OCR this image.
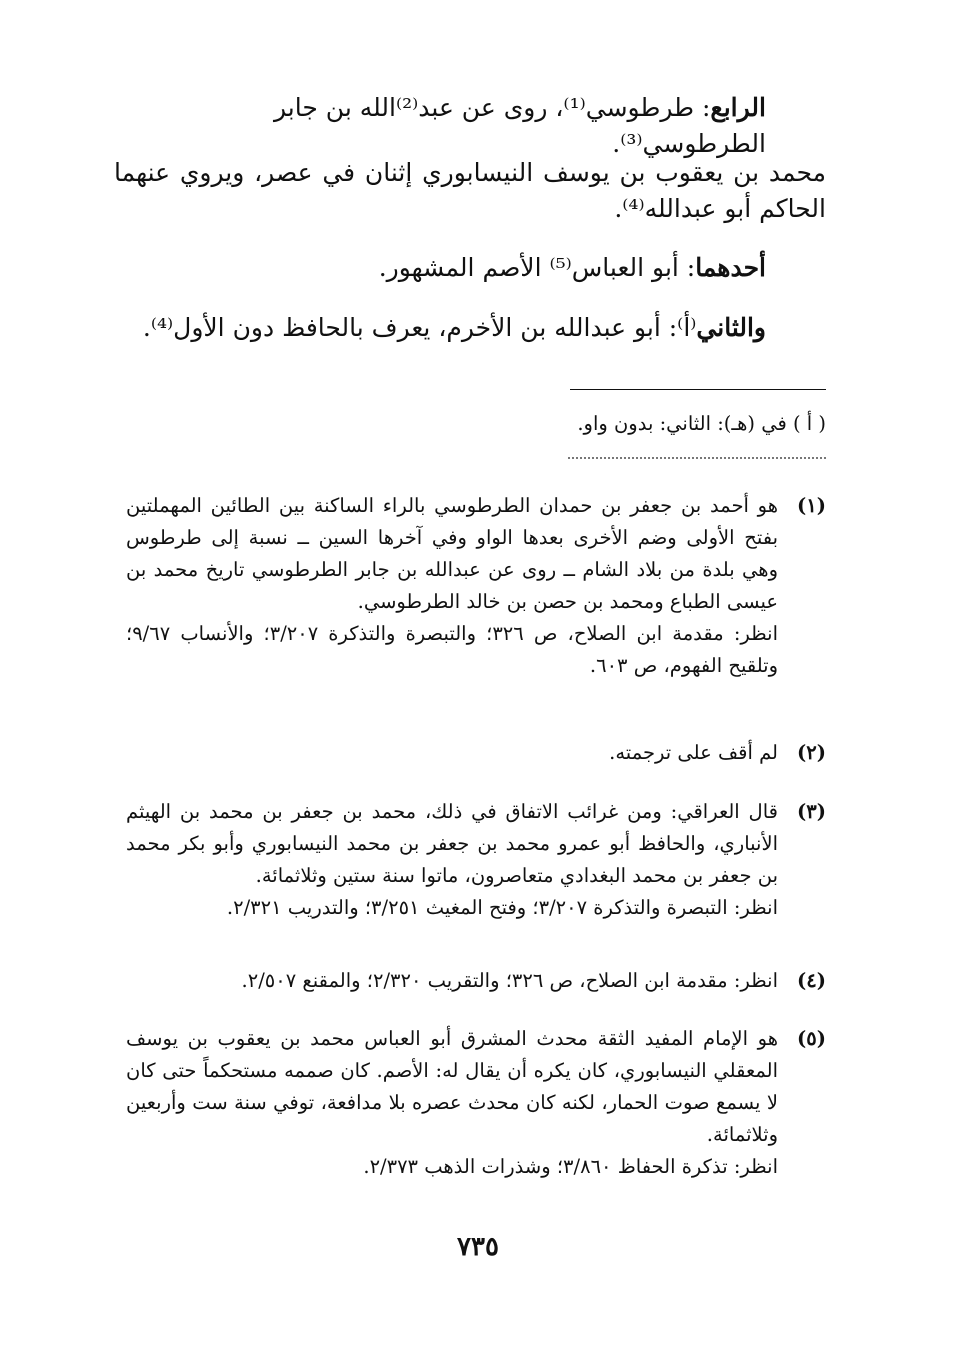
الرابع: طرطوسي⁽¹⁾، روى عن عبد⁽²⁾الله بن جابر الطرطوسي⁽³⁾.
محمد بن يعقوب بن يوسف النيسابوري إثنان في عصر، ويروي عنهما الحاكم أبو عبدالله⁽⁴⁾.
أحدهما: أبو العباس⁽⁵⁾ الأصم المشهور.
والثاني⁽أ⁾: أبو عبدالله بن الأخرم، يعرف بالحافظ دون الأول⁽⁴⁾.
( أ ) في (هـ): الثاني: بدون واو.
(١)
هو أحمد بن جعفر بن حمدان الطرطوسي بالراء الساكنة بين الطائين المهملتين بفتح الأولى وضم الأخرى بعدها الواو وفي آخرها السين ــ نسبة إلى طرطوس وهي بلدة من بلاد الشام ــ روى عن عبدالله بن جابر الطرطوسي تاريخ محمد بن عيسى الطباع ومحمد بن حصن بن خالد الطرطوسي.
انظر: مقدمة ابن الصلاح، ص ٣٢٦؛ والتبصرة والتذكرة ٣/٢٠٧؛ والأنساب ٩/٦٧؛ وتلقيح الفهوم، ص ٦٠٣.
(٢)
لم أقف على ترجمته.
(٣)
قال العراقي: ومن غرائب الاتفاق في ذلك، محمد بن جعفر بن محمد بن الهيثم الأنباري، والحافظ أبو عمرو محمد بن جعفر بن محمد النيسابوري وأبو بكر محمد بن جعفر بن محمد البغدادي متعاصرون، ماتوا سنة ستين وثلاثمائة.
انظر: التبصرة والتذكرة ٣/٢٠٧؛ وفتح المغيث ٣/٢٥١؛ والتدريب ٢/٣٢١.
(٤)
انظر: مقدمة ابن الصلاح، ص ٣٢٦؛ والتقريب ٢/٣٢٠؛ والمقنع ٢/٥٠٧.
(٥)
هو الإمام المفيد الثقة محدث المشرق أبو العباس محمد بن يعقوب بن يوسف المعقلي النيسابوري، كان يكره أن يقال له: الأصم. كان صممه مستحكماً حتى كان لا يسمع صوت الحمار، لكنه كان محدث عصره بلا مدافعة، توفي سنة ست وأربعين وثلاثمائة.
انظر: تذكرة الحفاظ ٣/٨٦٠؛ وشذرات الذهب ٢/٣٧٣.
٧٣٥
